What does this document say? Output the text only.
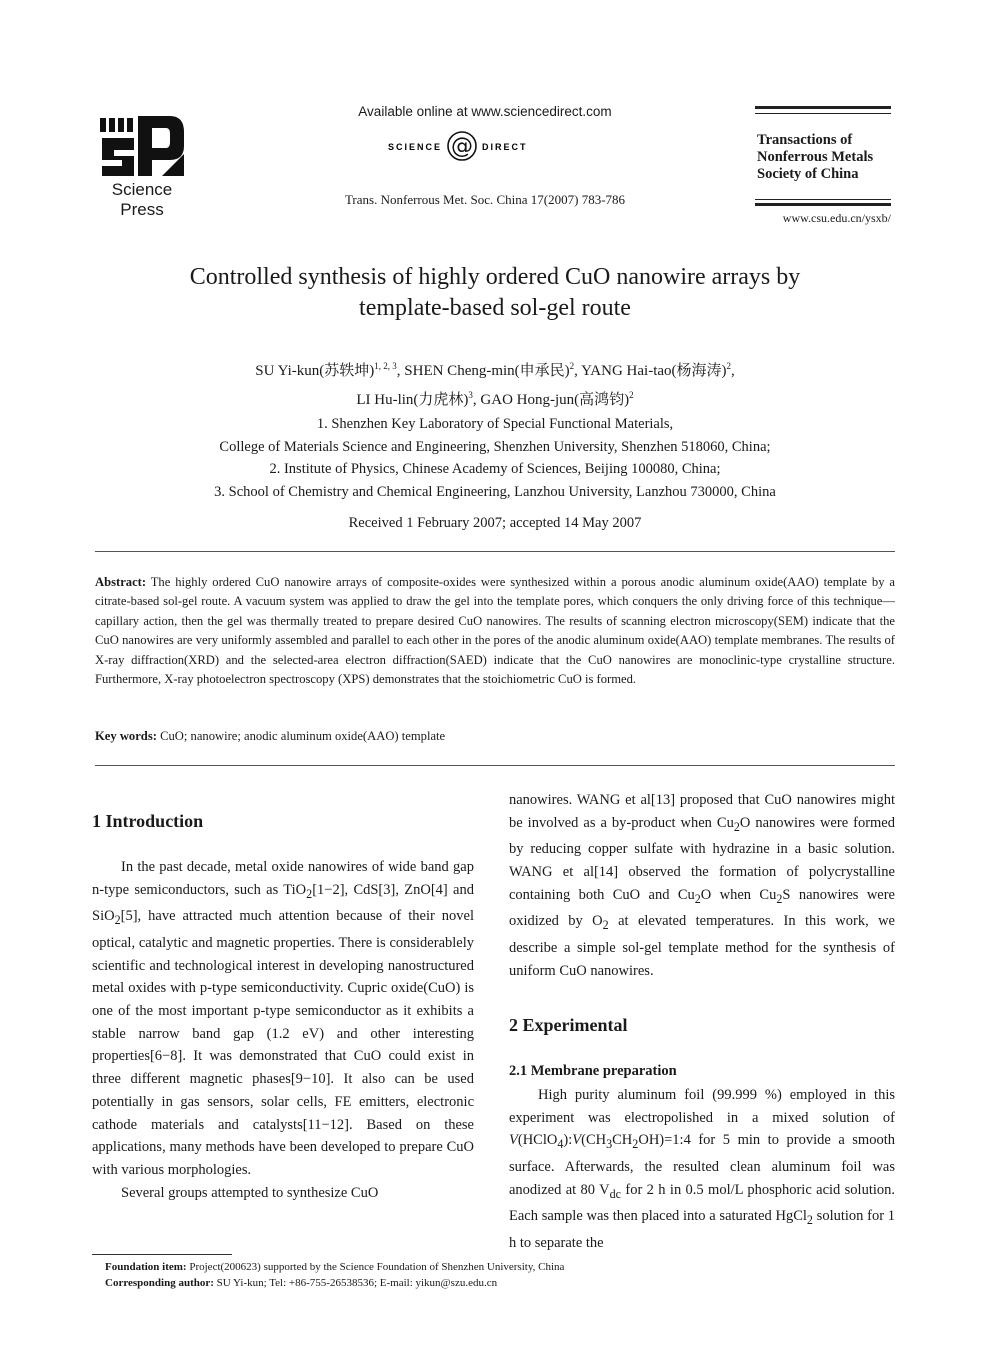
Science
Press
Available online at www.sciencedirect.com
SCIENCE @ DIRECT
Trans. Nonferrous Met. Soc. China 17(2007) 783-786
Transactions of
Nonferrous Metals
Society of China
www.csu.edu.cn/ysxb/
Controlled synthesis of highly ordered CuO nanowire arrays by
template-based sol-gel route
SU Yi-kun(苏轶坤)$^{1, 2, 3}$, SHEN Cheng-min(申承民)$^2$, YANG Hai-tao(杨海涛)$^2$,
LI Hu-lin(力虎林)$^3$, GAO Hong-jun(高鸿钧)$^2$
1. Shenzhen Key Laboratory of Special Functional Materials,
College of Materials Science and Engineering, Shenzhen University, Shenzhen 518060, China;
2. Institute of Physics, Chinese Academy of Sciences, Beijing 100080, China;
3. School of Chemistry and Chemical Engineering, Lanzhou University, Lanzhou 730000, China
Received 1 February 2007; accepted 14 May 2007
Abstract: The highly ordered CuO nanowire arrays of composite-oxides were synthesized within a porous anodic aluminum oxide(AAO) template by a citrate-based sol-gel route. A vacuum system was applied to draw the gel into the template pores, which conquers the only driving force of this technique—capillary action, then the gel was thermally treated to prepare desired CuO nanowires. The results of scanning electron microscopy(SEM) indicate that the CuO nanowires are very uniformly assembled and parallel to each other in the pores of the anodic aluminum oxide(AAO) template membranes. The results of X-ray diffraction(XRD) and the selected-area electron diffraction(SAED) indicate that the CuO nanowires are monoclinic-type crystalline structure. Furthermore, X-ray photoelectron spectroscopy (XPS) demonstrates that the stoichiometric CuO is formed.
Key words: CuO; nanowire; anodic aluminum oxide(AAO) template
1 Introduction

In the past decade, metal oxide nanowires of wide band gap n-type semiconductors, such as TiO$_2$[1−2], CdS[3], ZnO[4] and SiO$_2$[5], have attracted much attention because of their novel optical, catalytic and magnetic properties. There is considerablely scientific and technological interest in developing nanostructured metal oxides with p-type semiconductivity. Cupric oxide(CuO) is one of the most important p-type semiconductor as it exhibits a stable narrow band gap (1.2 eV) and other interesting properties[6−8]. It was demonstrated that CuO could exist in three different magnetic phases[9−10]. It also can be used potentially in gas sensors, solar cells, FE emitters, electronic cathode materials and catalysts[11−12]. Based on these applications, many methods have been developed to prepare CuO with various morphologies.

Several groups attempted to synthesize CuO

nanowires. WANG et al[13] proposed that CuO nanowires might be involved as a by-product when $Cu_2O$ nanowires were formed by reducing copper sulfate with hydrazine in a basic solution. WANG et al[14] observed the formation of polycrystalline containing both CuO and $Cu_2O$ when $Cu_2S$ nanowires were oxidized by $O_2$ at elevated temperatures. In this work, we describe a simple sol-gel template method for the synthesis of uniform CuO nanowires.

2 Experimental
2.1 Membrane preparation

High purity aluminum foil (99.999 %) employed in this experiment was electropolished in a mixed solution of $V(HClO_4):V(CH_3CH_2OH)=1:4$ for 5 min to provide a smooth surface. Afterwards, the resulted clean aluminum foil was anodized at 80 $V_{dc}$ for 2 h in 0.5 mol/L phosphoric acid solution. Each sample was then placed into a saturated HgCl$_2$ solution for 1 h to separate the

Foundation item: Project(200623) supported by the Science Foundation of Shenzhen University, China
Corresponding author: SU Yi-kun; Tel: +86-755-26538536; E-mail: yikun@szu.edu.cn
